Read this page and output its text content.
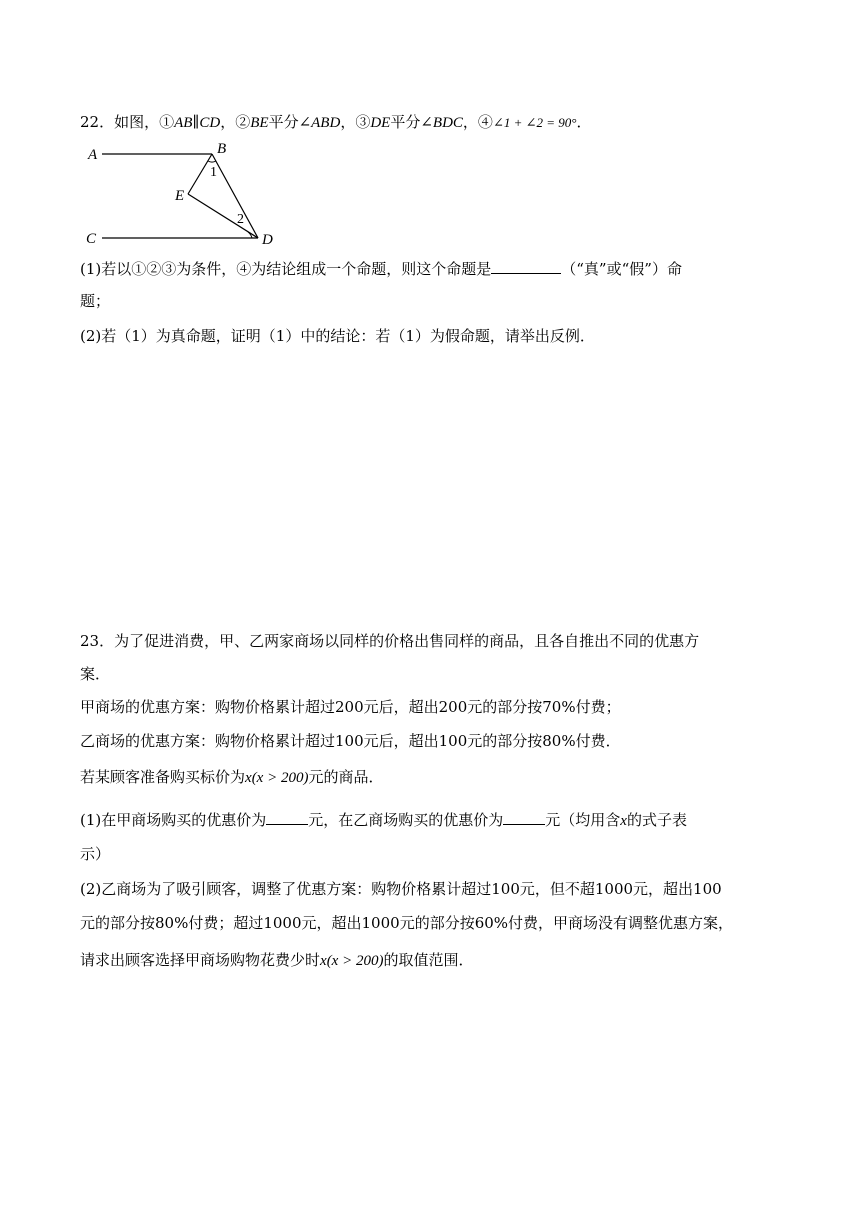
22．如图，①AB∥CD，②BE平分∠ABD，③DE平分∠BDC，④∠1 + ∠2 = 90°．
A	B
C	D
E
1
2
(1)若以①②③为条件，④为结论组成一个命题，则这个命题是	（“真”或“假”）命
题；
(2)若（1）为真命题，证明（1）中的结论：若（1）为假命题，请举出反例．
23．为了促进消费，甲、乙两家商场以同样的价格出售同样的商品，且各自推出不同的优惠方
案．
甲商场的优惠方案：购物价格累计超过200元后，超出200元的部分按70%付费；
乙商场的优惠方案：购物价格累计超过100元后，超出100元的部分按80%付费．
若某顾客准备购买标价为x(x > 200)元的商品．
(1)在甲商场购买的优惠价为	元，在乙商场购买的优惠价为	元（均用含x的式子表
示）
(2)乙商场为了吸引顾客，调整了优惠方案：购物价格累计超过100元，但不超1000元，超出100
元的部分按80%付费；超过1000元，超出1000元的部分按60%付费，甲商场没有调整优惠方案，
请求出顾客选择甲商场购物花费少时x(x > 200)的取值范围．
